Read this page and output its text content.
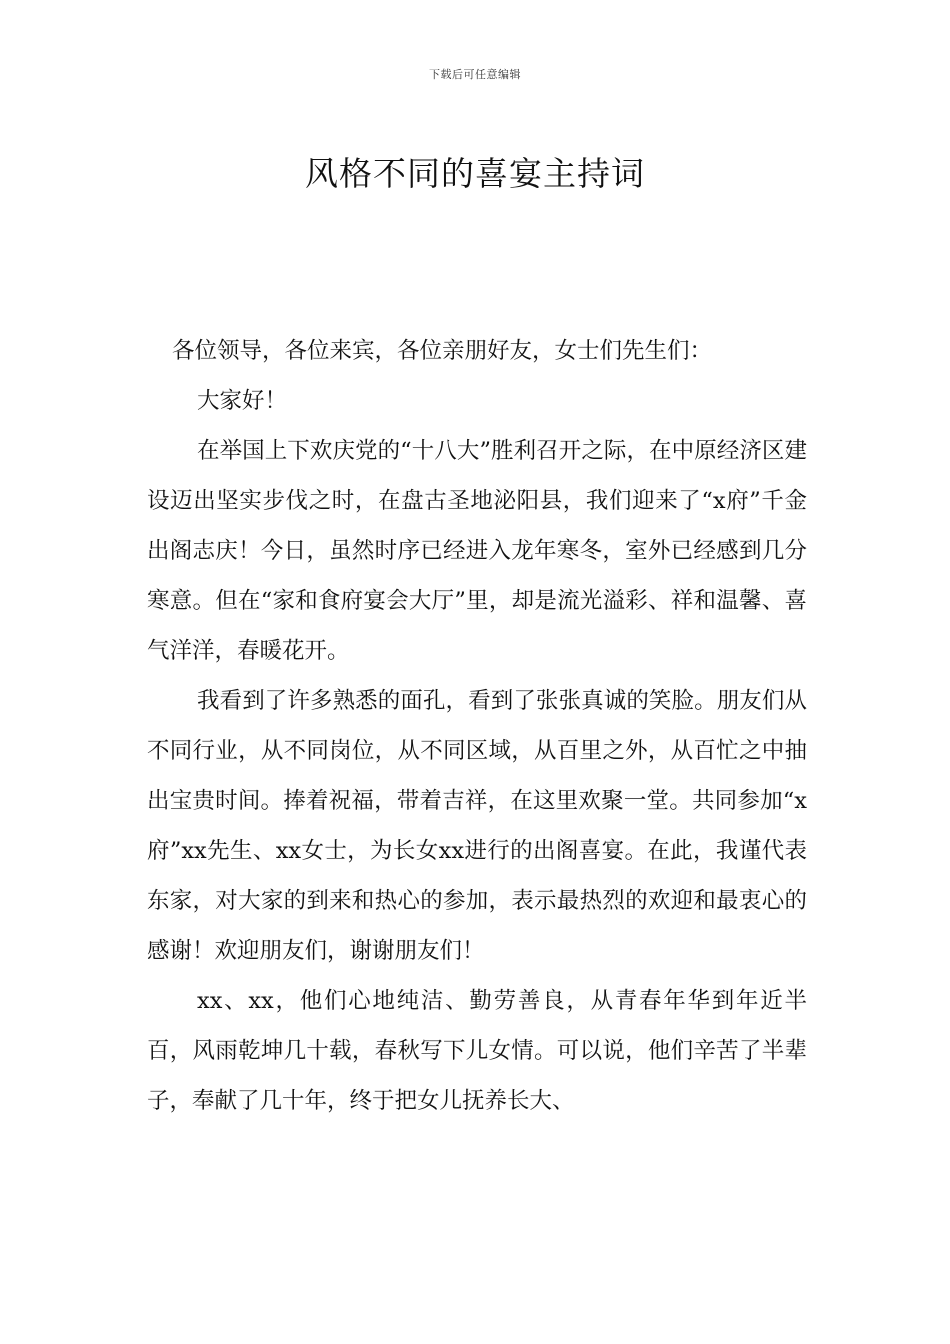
下载后可任意编辑
风格不同的喜宴主持词

各位领导，各位来宾，各位亲朋好友，女士们先生们：

大家好！

在举国上下欢庆党的“十八大”胜利召开之际，在中原经济区建设迈出坚实步伐之时，在盘古圣地泌阳县，我们迎来了“x府”千金出阁志庆！今日，虽然时序已经进入龙年寒冬，室外已经感到几分寒意。但在“家和食府宴会大厅”里，却是流光溢彩、祥和温馨、喜气洋洋，春暖花开。

我看到了许多熟悉的面孔，看到了张张真诚的笑脸。朋友们从不同行业，从不同岗位，从不同区域，从百里之外，从百忙之中抽出宝贵时间。捧着祝福，带着吉祥，在这里欢聚一堂。共同参加“x府”xx先生、xx女士，为长女xx进行的出阁喜宴。在此，我谨代表东家，对大家的到来和热心的参加，表示最热烈的欢迎和最衷心的感谢！欢迎朋友们，谢谢朋友们！

xx、xx，他们心地纯洁、勤劳善良，从青春年华到年近半百，风雨乾坤几十载，春秋写下儿女情。可以说，他们辛苦了半辈子，奉献了几十年，终于把女儿抚养长大、
